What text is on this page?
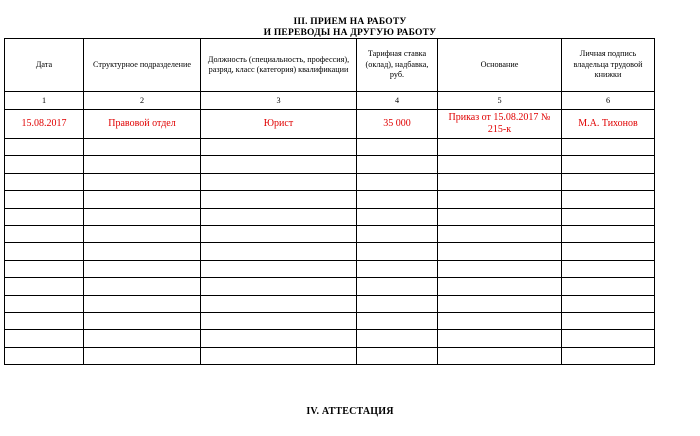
III. ПРИЕМ НА РАБОТУ
И ПЕРЕВОДЫ НА ДРУГУЮ РАБОТУ
Дата	Структурное подразделение	Должность (специальность, профессия), разряд, класс (категория) квалификации	Тарифная ставка (оклад), надбавка, руб.	Основание	Личная подпись владельца трудовой книжки
1	2	3	4	5	6
15.08.2017	Правовой отдел	Юрист	35 000	Приказ от 15.08.2017 № 215-к	М.А. Тихонов

IV. АТТЕСТАЦИЯ
